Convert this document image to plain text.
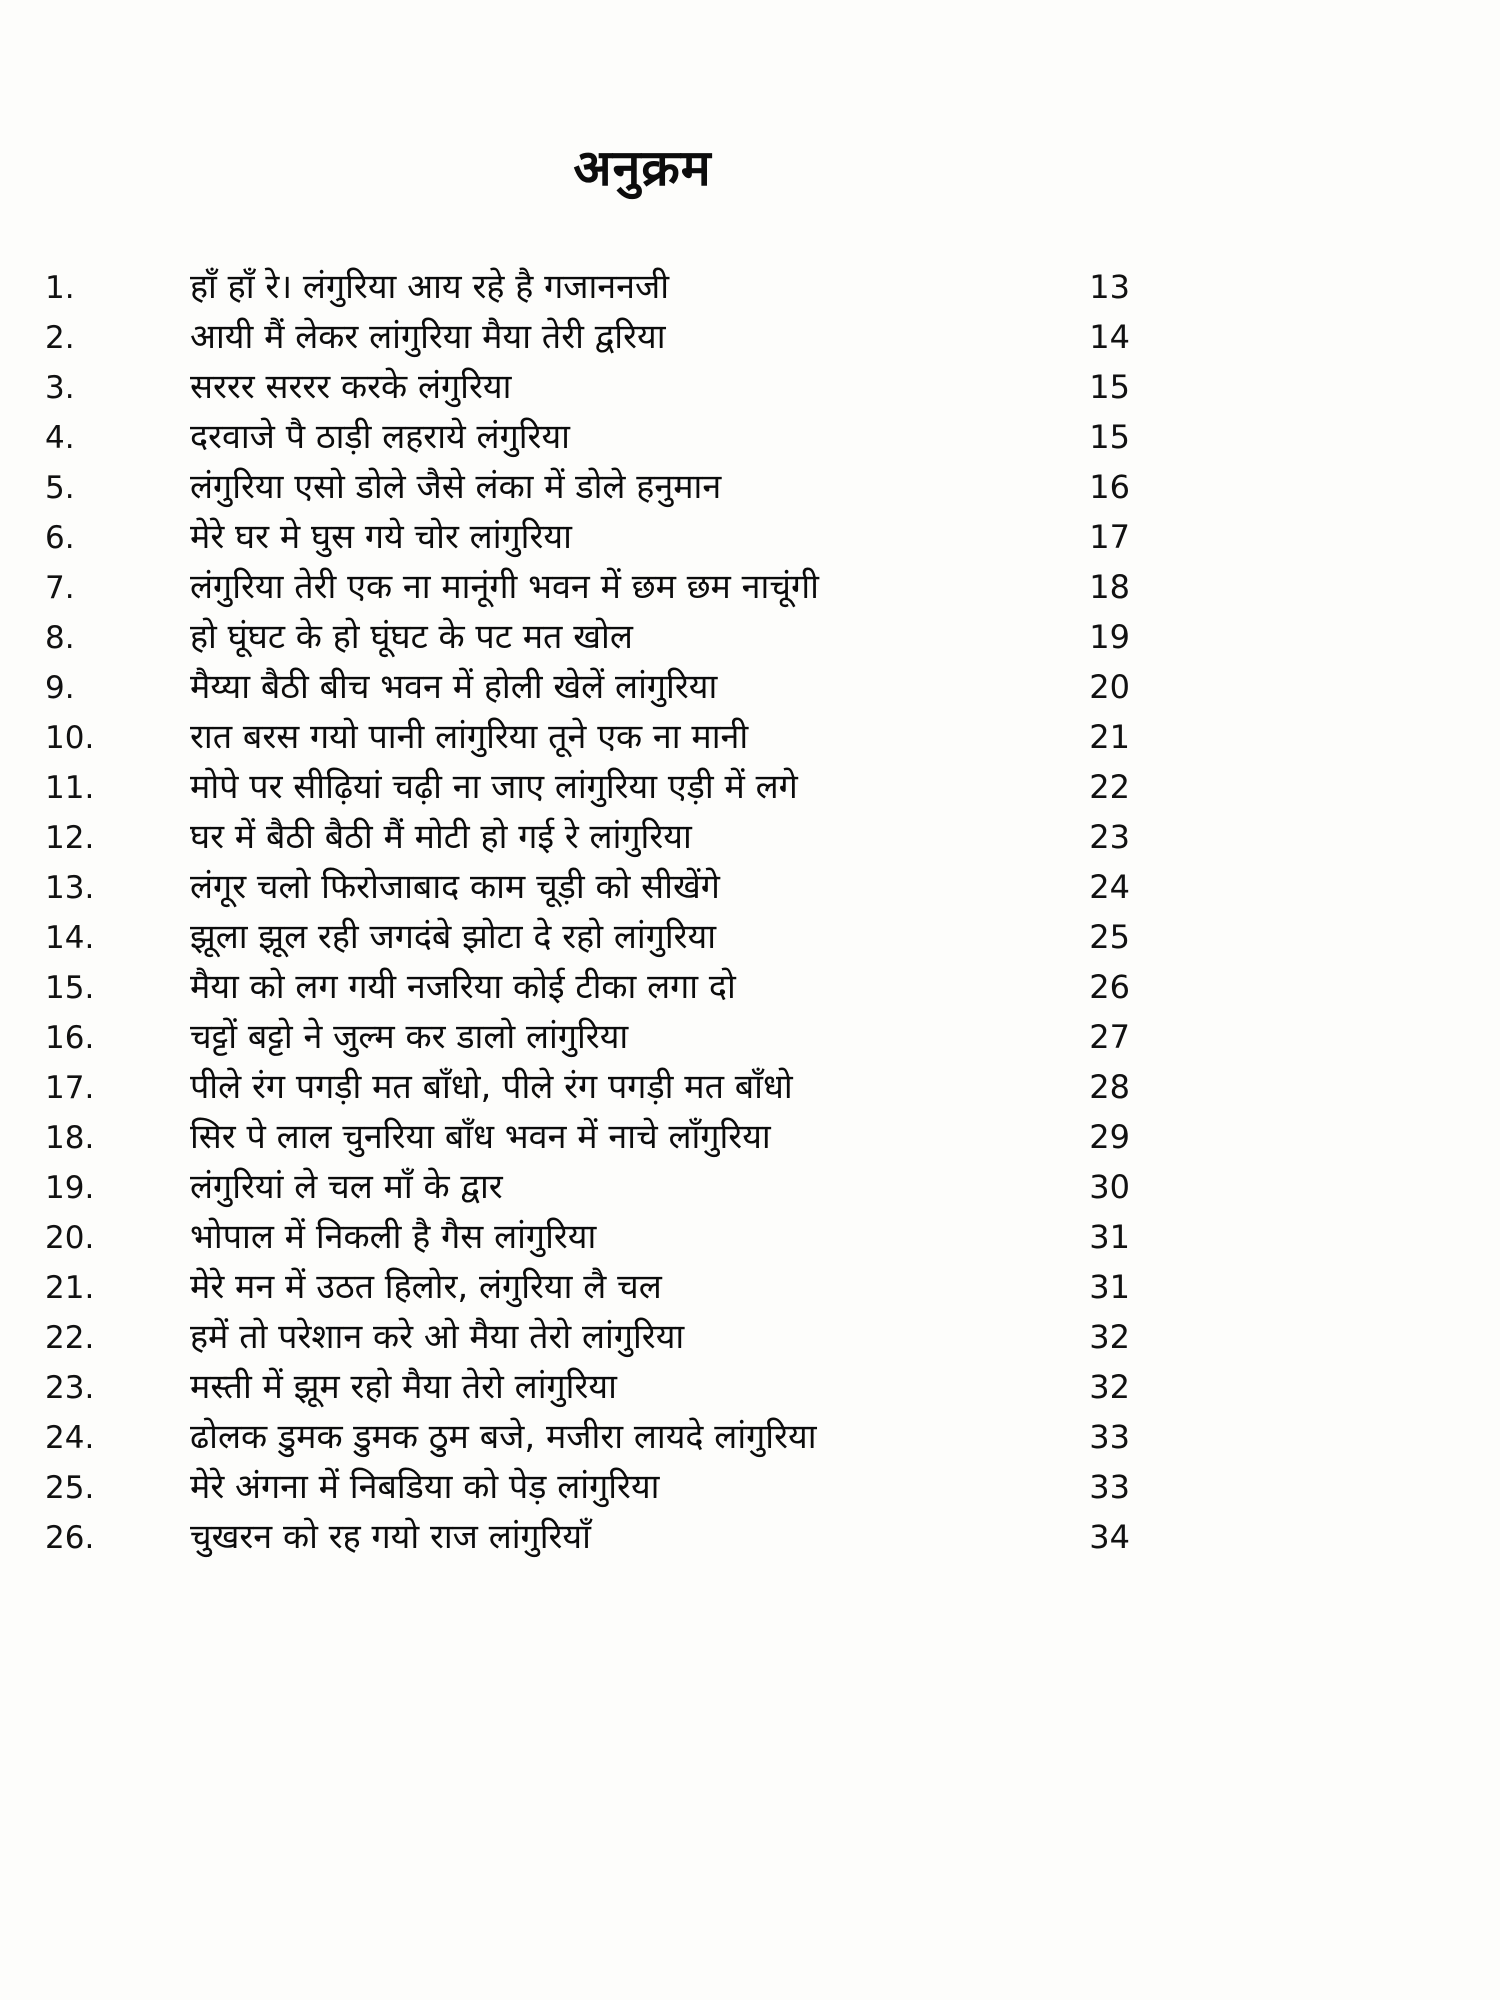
अनुक्रम
1.	हाँ हाँ रे। लंगुरिया आय रहे है गजाननजी	13
2.	आयी मैं लेकर लांगुरिया मैया तेरी द्वरिया	14
3.	सररर सररर करके लंगुरिया	15
4.	दरवाजे पै ठाड़ी लहराये लंगुरिया	15
5.	लंगुरिया एसो डोले जैसे लंका में डोले हनुमान	16
6.	मेरे घर मे घुस गये चोर लांगुरिया	17
7.	लंगुरिया तेरी एक ना मानूंगी भवन में छम छम नाचूंगी	18
8.	हो घूंघट के हो घूंघट के पट मत खोल	19
9.	मैय्या बैठी बीच भवन में होली खेलें लांगुरिया	20
10.	रात बरस गयो पानी लांगुरिया तूने एक ना मानी	21
11.	मोपे पर सीढ़ियां चढ़ी ना जाए लांगुरिया एड़ी में लगे	22
12.	घर में बैठी बैठी मैं मोटी हो गई रे लांगुरिया	23
13.	लंगूर चलो फिरोजाबाद काम चूड़ी को सीखेंगे	24
14.	झूला झूल रही जगदंबे झोटा दे रहो लांगुरिया	25
15.	मैया को लग गयी नजरिया कोई टीका लगा दो	26
16.	चट्टों बट्टो ने जुल्म कर डालो लांगुरिया	27
17.	पीले रंग पगड़ी मत बाँधो, पीले रंग पगड़ी मत बाँधो	28
18.	सिर पे लाल चुनरिया बाँध भवन में नाचे लाँगुरिया	29
19.	लंगुरियां ले चल माँ के द्वार	30
20.	भोपाल में निकली है गैस लांगुरिया	31
21.	मेरे मन में उठत हिलोर, लंगुरिया लै चल	31
22.	हमें तो परेशान करे ओ मैया तेरो लांगुरिया	32
23.	मस्ती में झूम रहो मैया तेरो लांगुरिया	32
24.	ढोलक डुमक डुमक ठुम बजे, मजीरा लायदे लांगुरिया	33
25.	मेरे अंगना में निबडिया को पेड़ लांगुरिया	33
26.	चुखरन को रह गयो राज लांगुरियाँ	34
